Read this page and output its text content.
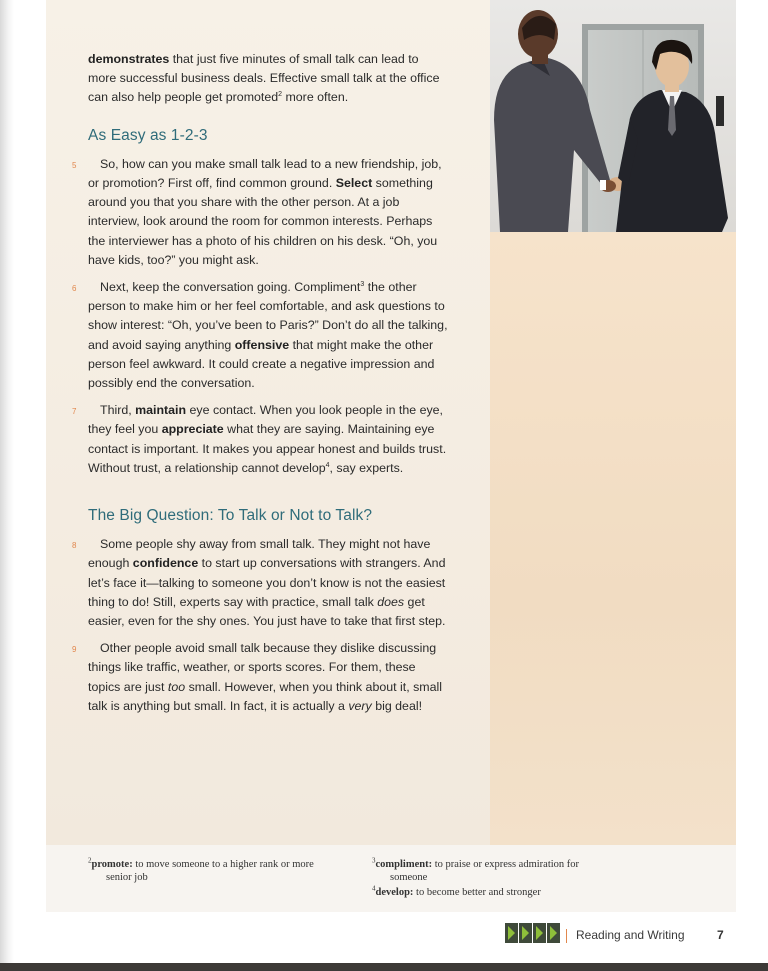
demonstrates that just five minutes of small talk can lead to more successful business deals. Effective small talk at the office can also help people get promoted$^2$ more often.

As Easy as 1-2-3

5	So, how can you make small talk lead to a new friendship, job, or promotion? First off, find common ground. Select something around you that you share with the other person. At a job interview, look around the room for common interests. Perhaps the interviewer has a photo of his children on his desk. “Oh, you have kids, too?” you might ask.

6	Next, keep the conversation going. Compliment$^3$ the other person to make him or her feel comfortable, and ask questions to show interest: “Oh, you’ve been to Paris?” Don’t do all the talking, and avoid saying anything offensive that might make the other person feel awkward. It could create a negative impression and possibly end the conversation.

7	Third, maintain eye contact. When you look people in the eye, they feel you appreciate what they are saying. Maintaining eye contact is important. It makes you appear honest and builds trust. Without trust, a relationship cannot develop$^4$, say experts.

The Big Question: To Talk or Not to Talk?

8	Some people shy away from small talk. They might not have enough confidence to start up conversations with strangers. And let’s face it—talking to someone you don’t know is not the easiest thing to do! Still, experts say with practice, small talk does get easier, even for the shy ones. You just have to take that first step.

9	Other people avoid small talk because they dislike discussing things like traffic, weather, or sports scores. For them, these topics are just too small. However, when you think about it, small talk is anything but small. In fact, it is actually a very big deal!

$^2$promote: to move someone to a higher rank or more
senior job
$^3$compliment: to praise or express admiration for
someone
$^4$develop: to become better and stronger
Reading and Writing	7
